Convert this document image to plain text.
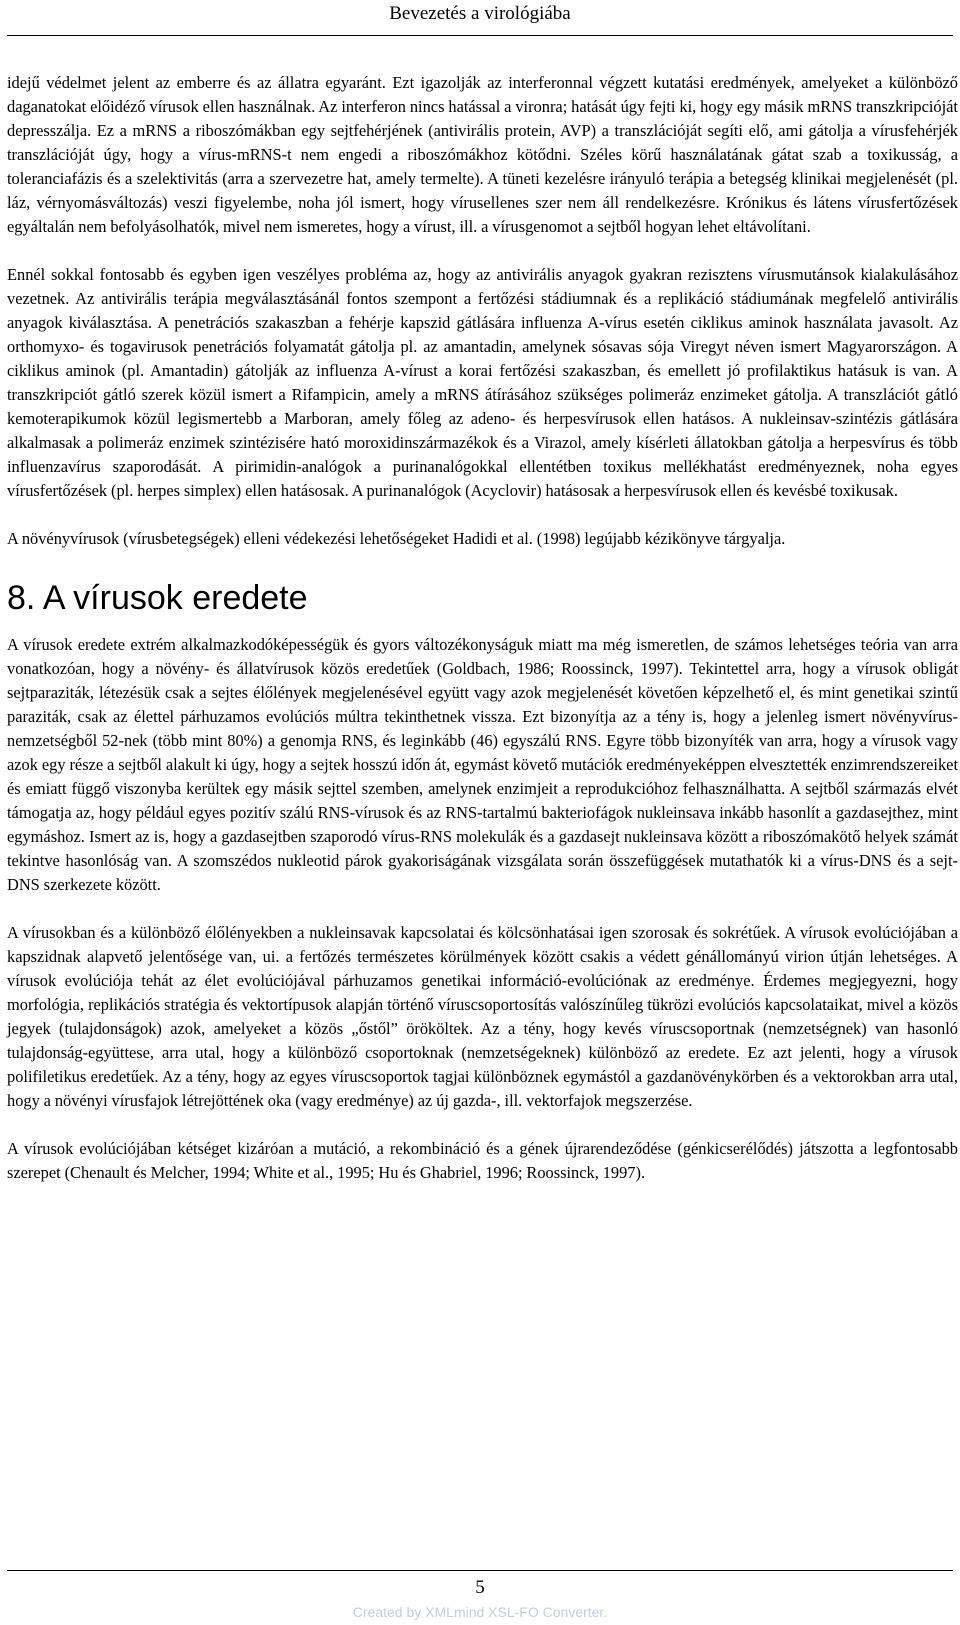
Bevezetés a virológiába

idejű védelmet jelent az emberre és az állatra egyaránt. Ezt igazolják az interferonnal végzett kutatási eredmények, amelyeket a különböző daganatokat előidéző vírusok ellen használnak. Az interferon nincs hatással a vironra; hatását úgy fejti ki, hogy egy másik mRNS transzkripcióját depresszálja. Ez a mRNS a riboszómákban egy sejtfehérjének (antivirális protein, AVP) a transzlációját segíti elő, ami gátolja a vírusfehérjék transzlációját úgy, hogy a vírus-mRNS-t nem engedi a riboszómákhoz kötődni. Széles körű használatának gátat szab a toxikusság, a toleranciafázis és a szelektivitás (arra a szervezetre hat, amely termelte). A tüneti kezelésre irányuló terápia a betegség klinikai megjelenését (pl. láz, vérnyomásváltozás) veszi figyelembe, noha jól ismert, hogy vírusellenes szer nem áll rendelkezésre. Krónikus és látens vírusfertőzések egyáltalán nem befolyásolhatók, mivel nem ismeretes, hogy a vírust, ill. a vírusgenomot a sejtből hogyan lehet eltávolítani.

Ennél sokkal fontosabb és egyben igen veszélyes probléma az, hogy az antivirális anyagok gyakran rezisztens vírusmutánsok kialakulásához vezetnek. Az antivirális terápia megválasztásánál fontos szempont a fertőzési stádiumnak és a replikáció stádiumának megfelelő antivirális anyagok kiválasztása. A penetrációs szakaszban a fehérje kapszid gátlására influenza A-vírus esetén ciklikus aminok használata javasolt. Az orthomyxo- és togavirusok penetrációs folyamatát gátolja pl. az amantadin, amelynek sósavas sója Viregyt néven ismert Magyarországon. A ciklikus aminok (pl. Amantadin) gátolják az influenza A-vírust a korai fertőzési szakaszban, és emellett jó profilaktikus hatásuk is van. A transzkripciót gátló szerek közül ismert a Rifampicin, amely a mRNS átírásához szükséges polimeráz enzimeket gátolja. A transzlációt gátló kemoterapikumok közül legismertebb a Marboran, amely főleg az adeno- és herpesvírusok ellen hatásos. A nukleinsav-szintézis gátlására alkalmasak a polimeráz enzimek szintézisére ható moroxidinszármazékok és a Virazol, amely kísérleti állatokban gátolja a herpesvírus és több influenzavírus szaporodását. A pirimidin-analógok a purinanalógokkal ellentétben toxikus mellékhatást eredményeznek, noha egyes vírusfertőzések (pl. herpes simplex) ellen hatásosak. A purinanalógok (Acyclovir) hatásosak a herpesvírusok ellen és kevésbé toxikusak.

A növényvírusok (vírusbetegségek) elleni védekezési lehetőségeket Hadidi et al. (1998) legújabb kézikönyve tárgyalja.

8. A vírusok eredete

A vírusok eredete extrém alkalmazkodóképességük és gyors változékonyságuk miatt ma még ismeretlen, de számos lehetséges teória van arra vonatkozóan, hogy a növény- és állatvírusok közös eredetűek (Goldbach, 1986; Roossinck, 1997). Tekintettel arra, hogy a vírusok obligát sejtparaziták, létezésük csak a sejtes élőlények megjelenésével együtt vagy azok megjelenését követően képzelhető el, és mint genetikai szintű paraziták, csak az élettel párhuzamos evolúciós múltra tekinthetnek vissza. Ezt bizonyítja az a tény is, hogy a jelenleg ismert növényvírus-nemzetségből 52-nek (több mint 80%) a genomja RNS, és leginkább (46) egyszálú RNS. Egyre több bizonyíték van arra, hogy a vírusok vagy azok egy része a sejtből alakult ki úgy, hogy a sejtek hosszú időn át, egymást követő mutációk eredményeképpen elvesztették enzimrendszereiket és emiatt függő viszonyba kerültek egy másik sejttel szemben, amelynek enzimjeit a reprodukcióhoz felhasználhatta. A sejtből származás elvét támogatja az, hogy például egyes pozitív szálú RNS-vírusok és az RNS-tartalmú bakteriofágok nukleinsava inkább hasonlít a gazdasejthez, mint egymáshoz. Ismert az is, hogy a gazdasejtben szaporodó vírus-RNS molekulák és a gazdasejt nukleinsava között a riboszómakötő helyek számát tekintve hasonlóság van. A szomszédos nukleotid párok gyakoriságának vizsgálata során összefüggések mutathatók ki a vírus-DNS és a sejt-DNS szerkezete között.

A vírusokban és a különböző élőlényekben a nukleinsavak kapcsolatai és kölcsönhatásai igen szorosak és sokrétűek. A vírusok evolúciójában a kapszidnak alapvető jelentősége van, ui. a fertőzés természetes körülmények között csakis a védett génállományú virion útján lehetséges. A vírusok evolúciója tehát az élet evolúciójával párhuzamos genetikai információ-evolúciónak az eredménye. Érdemes megjegyezni, hogy morfológia, replikációs stratégia és vektortípusok alapján történő víruscsoportosítás valószínűleg tükrözi evolúciós kapcsolataikat, mivel a közös jegyek (tulajdonságok) azok, amelyeket a közös „őstől” örököltek. Az a tény, hogy kevés víruscsoportnak (nemzetségnek) van hasonló tulajdonság-együttese, arra utal, hogy a különböző csoportoknak (nemzetségeknek) különböző az eredete. Ez azt jelenti, hogy a vírusok polifiletikus eredetűek. Az a tény, hogy az egyes víruscsoportok tagjai különböznek egymástól a gazdanövénykörben és a vektorokban arra utal, hogy a növényi vírusfajok létrejöttének oka (vagy eredménye) az új gazda-, ill. vektorfajok megszerzése.

A vírusok evolúciójában kétséget kizáróan a mutáció, a rekombináció és a gének újrarendeződése (génkicserélődés) játszotta a legfontosabb szerepet (Chenault és Melcher, 1994; White et al., 1995; Hu és Ghabriel, 1996; Roossinck, 1997).

5
Created by XMLmind XSL-FO Converter.
